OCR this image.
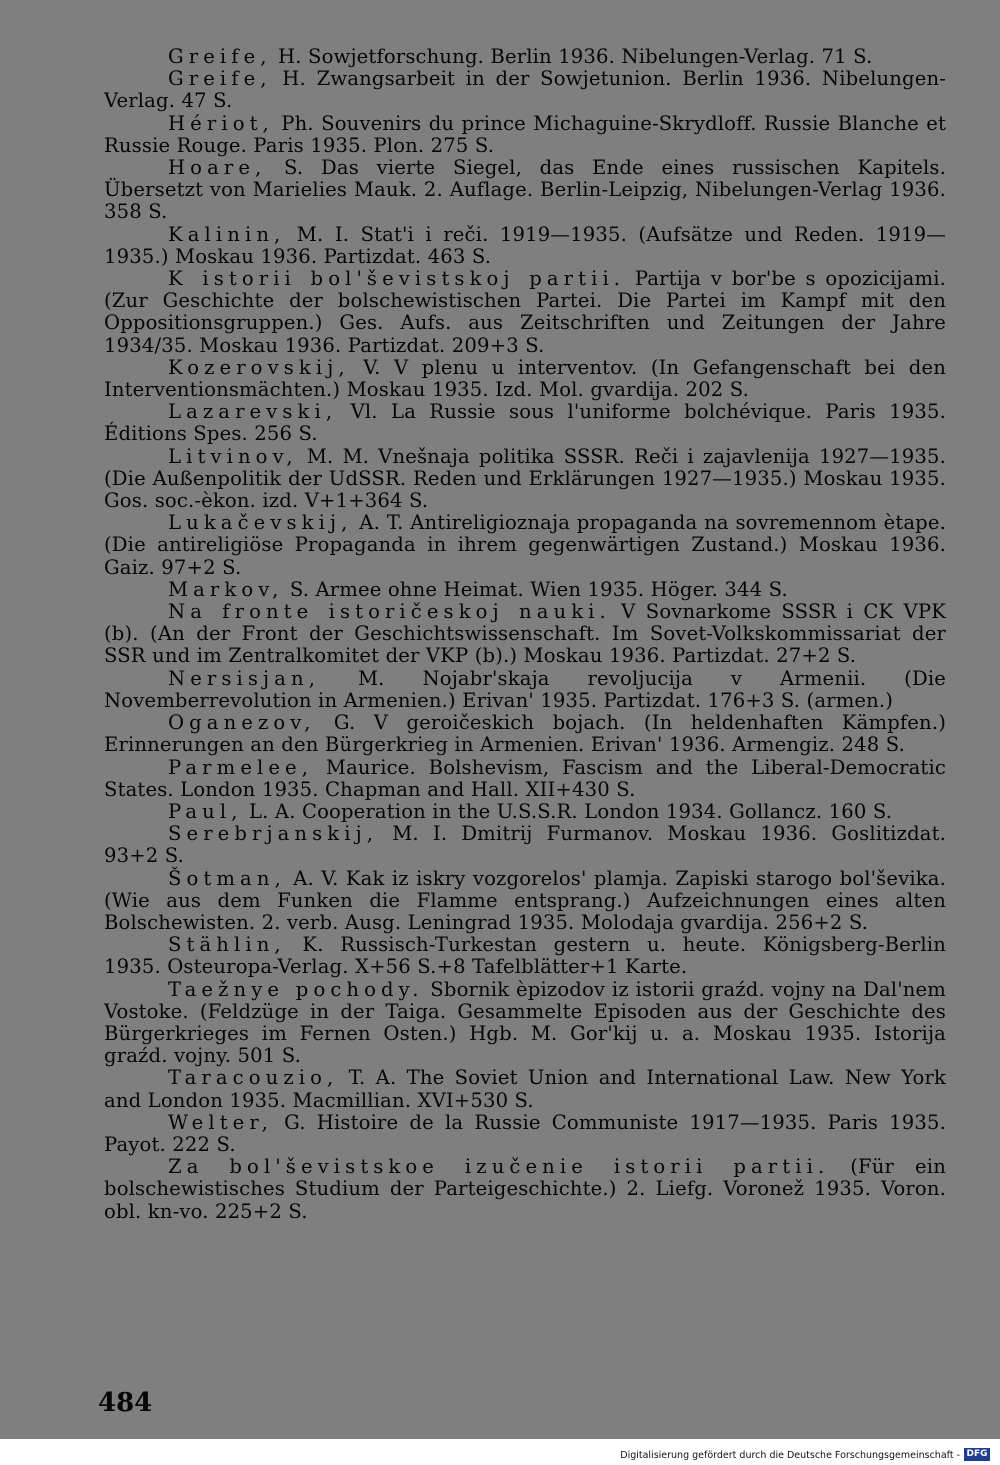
Greife, H. Sowjetforschung. Berlin 1936. Nibelungen-Verlag. 71 S.

Greife, H. Zwangsarbeit in der Sowjetunion. Berlin 1936. Nibelungen-Verlag. 47 S.

Hériot, Ph. Souvenirs du prince Michaguine-Skrydloff. Russie Blanche et Russie Rouge. Paris 1935. Plon. 275 S.

Hoare, S. Das vierte Siegel, das Ende eines russischen Kapitels. Übersetzt von Marielies Mauk. 2. Auflage. Berlin-Leipzig, Nibelungen-Verlag 1936. 358 S.

Kalinin, M. I. Stat'i i reči. 1919—1935. (Aufsätze und Reden. 1919—1935.) Moskau 1936. Partizdat. 463 S.

K istorii bol'ševistskoj partii. Partija v bor'be s opozicijami. (Zur Geschichte der bolschewistischen Partei. Die Partei im Kampf mit den Oppositionsgruppen.) Ges. Aufs. aus Zeitschriften und Zeitungen der Jahre 1934/35. Moskau 1936. Partizdat. 209+3 S.

Kozerovskij, V. V plenu u interventov. (In Gefangenschaft bei den Interventionsmächten.) Moskau 1935. Izd. Mol. gvardija. 202 S.

Lazarevski, Vl. La Russie sous l'uniforme bolchévique. Paris 1935. Éditions Spes. 256 S.

Litvinov, M. M. Vnešnaja politika SSSR. Reči i zajavlenija 1927—1935. (Die Außenpolitik der UdSSR. Reden und Erklärungen 1927—1935.) Moskau 1935. Gos. soc.-èkon. izd. V+1+364 S.

Lukačevskij, A. T. Antireligioznaja propaganda na sovremennom ètape. (Die antireligiöse Propaganda in ihrem gegenwärtigen Zustand.) Moskau 1936. Gaiz. 97+2 S.

Markov, S. Armee ohne Heimat. Wien 1935. Höger. 344 S.

Na fronte istoričeskoj nauki. V Sovnarkome SSSR i CK VPK (b). (An der Front der Geschichtswissenschaft. Im Sovet-Volkskommissariat der SSR und im Zentralkomitet der VKP (b).) Moskau 1936. Partizdat. 27+2 S.

Nersisjan, M. Nojabr'skaja revoljucija v Armenii. (Die Novemberrevolution in Armenien.) Erivan' 1935. Partizdat. 176+3 S. (armen.)

Oganezov, G. V geroičeskich bojach. (In heldenhaften Kämpfen.) Erinnerungen an den Bürgerkrieg in Armenien. Erivan' 1936. Armengiz. 248 S.

Parmelee, Maurice. Bolshevism, Fascism and the Liberal-Democratic States. London 1935. Chapman and Hall. XII+430 S.

Paul, L. A. Cooperation in the U.S.S.R. London 1934. Gollancz. 160 S.

Serebrjanskij, M. I. Dmitrij Furmanov. Moskau 1936. Goslitizdat. 93+2 S.

Šotman, A. V. Kak iz iskry vozgorelos' plamja. Zapiski starogo bol'ševika. (Wie aus dem Funken die Flamme entsprang.) Aufzeichnungen eines alten Bolschewisten. 2. verb. Ausg. Leningrad 1935. Molodaja gvardija. 256+2 S.

Stählin, K. Russisch-Turkestan gestern u. heute. Königsberg-Berlin 1935. Osteuropa-Verlag. X+56 S.+8 Tafelblätter+1 Karte.

Taežnye pochody. Sbornik èpizodov iz istorii graźd. vojny na Dal'nem Vostoke. (Feldzüge in der Taiga. Gesammelte Episoden aus der Geschichte des Bürgerkrieges im Fernen Osten.) Hgb. M. Gor'kij u. a. Moskau 1935. Istorija graźd. vojny. 501 S.

Taracouzio, T. A. The Soviet Union and International Law. New York and London 1935. Macmillian. XVI+530 S.

Welter, G. Histoire de la Russie Communiste 1917—1935. Paris 1935. Payot. 222 S.

Za bol'ševistskoe izučenie istorii partii. (Für ein bolschewistisches Studium der Parteigeschichte.) 2. Liefg. Voronež 1935. Voron. obl. kn-vo. 225+2 S.

484
Digitalisierung gefördert durch die Deutsche Forschungsgemeinschaft - DFG
